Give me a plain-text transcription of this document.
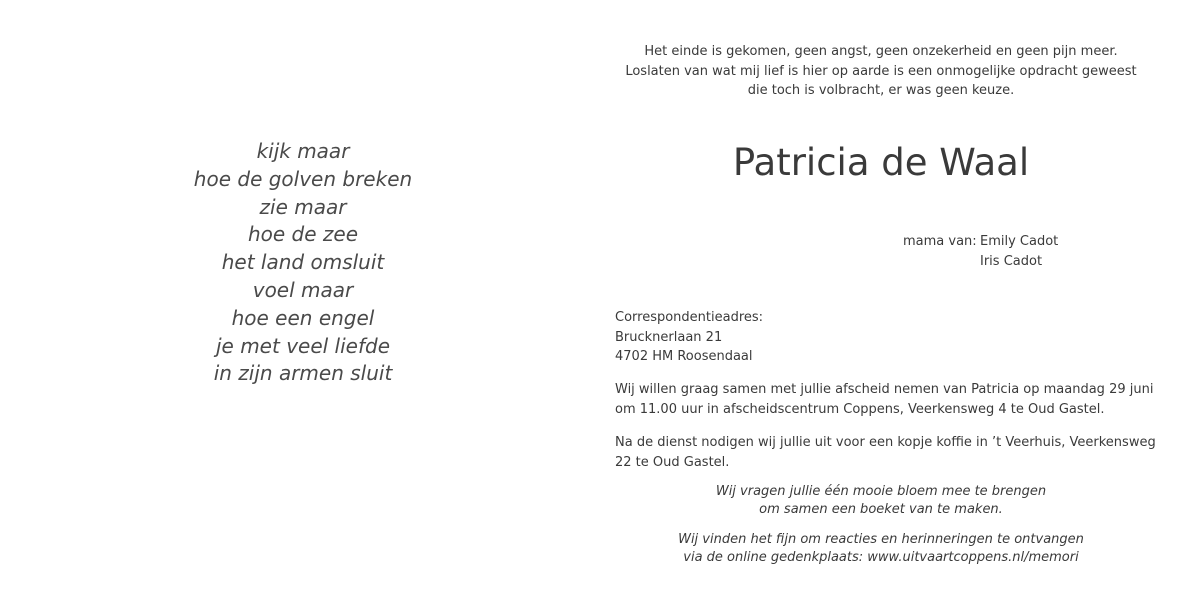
kijk maar
hoe de golven breken
zie maar
hoe de zee
het land omsluit
voel maar
hoe een engel
je met veel liefde
in zijn armen sluit
Het einde is gekomen, geen angst, geen onzekerheid en geen pijn meer.
Loslaten van wat mij lief is hier op aarde is een onmogelijke opdracht geweest
die toch is volbracht, er was geen keuze.
Patricia de Waal
mama van: Emily Cadot
Iris Cadot
Correspondentieadres:
Brucknerlaan 21
4702 HM Roosendaal

Wij willen graag samen met jullie afscheid nemen van Patricia op maandag 29 juni om 11.00 uur in afscheidscentrum Coppens, Veerkensweg 4 te Oud Gastel.

Na de dienst nodigen wij jullie uit voor een kopje koffie in ’t Veerhuis, Veerkensweg 22 te Oud Gastel.

Wij vragen jullie één mooie bloem mee te brengen
om samen een boeket van te maken.
Wij vinden het fijn om reacties en herinneringen te ontvangen
via de online gedenkplaats: www.uitvaartcoppens.nl/memori
